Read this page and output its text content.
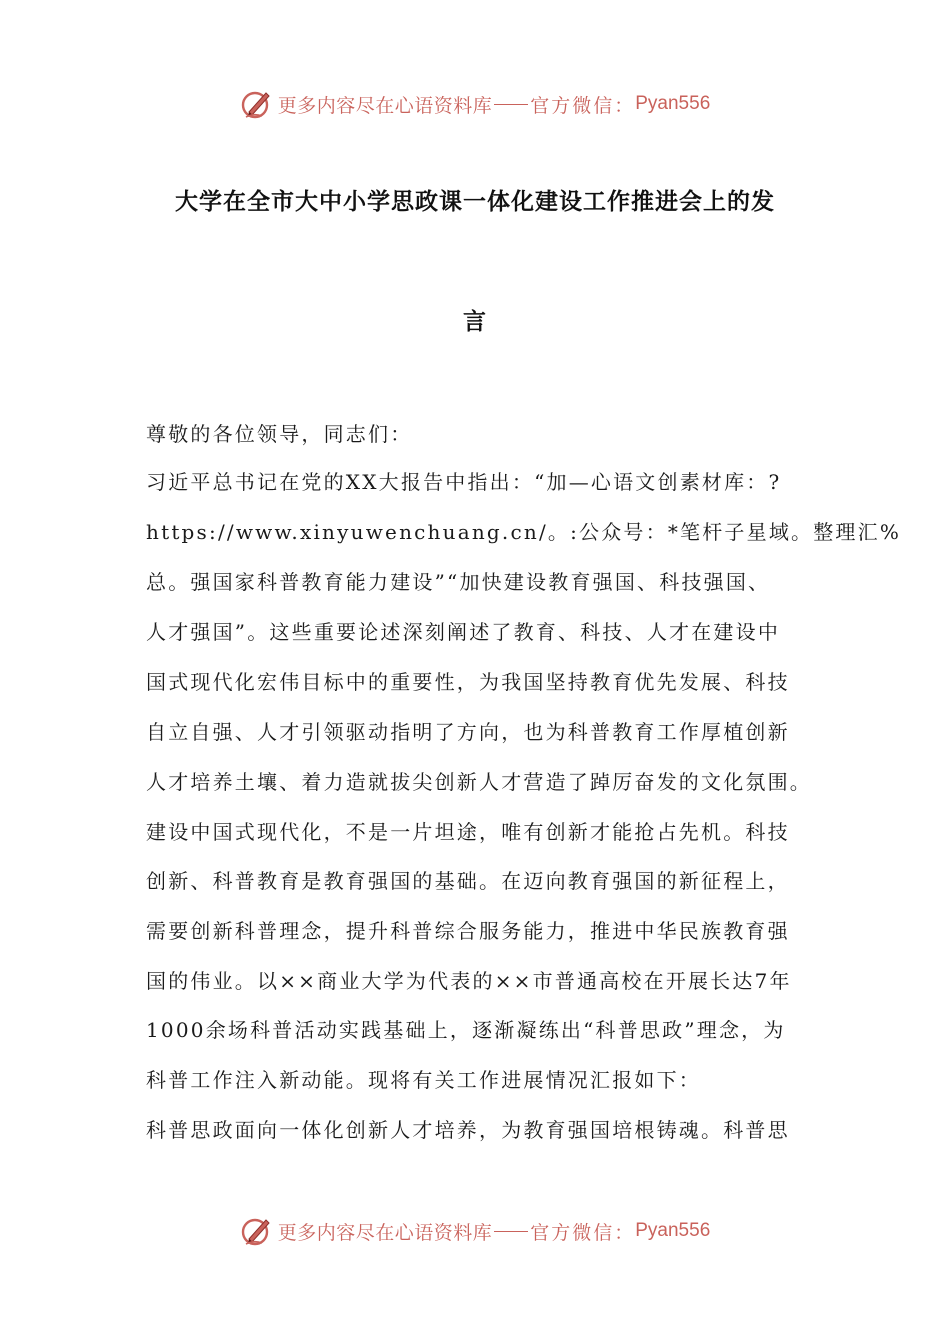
更多内容尽在心语资料库 官方微信： Pyan556
大学在全市大中小学思政课一体化建设工作推进会上的发
言
尊敬的各位领导，同志们：
习近平总书记在党的XX大报告中指出：“加—心语文创素材库：?
https://www.xinyuwenchuang.cn/。:公众号：*笔杆子星域。整理汇%
总。强国家科普教育能力建设”“加快建设教育强国、科技强国、
人才强国”。这些重要论述深刻阐述了教育、科技、人才在建设中
国式现代化宏伟目标中的重要性，为我国坚持教育优先发展、科技
自立自强、人才引领驱动指明了方向，也为科普教育工作厚植创新
人才培养土壤、着力造就拔尖创新人才营造了踔厉奋发的文化氛围。
建设中国式现代化，不是一片坦途，唯有创新才能抢占先机。科技
创新、科普教育是教育强国的基础。在迈向教育强国的新征程上，
需要创新科普理念，提升科普综合服务能力，推进中华民族教育强
国的伟业。以××商业大学为代表的××市普通高校在开展长达7年
1000余场科普活动实践基础上，逐渐凝练出“科普思政”理念，为
科普工作注入新动能。现将有关工作进展情况汇报如下：
科普思政面向一体化创新人才培养，为教育强国培根铸魂。科普思
更多内容尽在心语资料库 官方微信： Pyan556
